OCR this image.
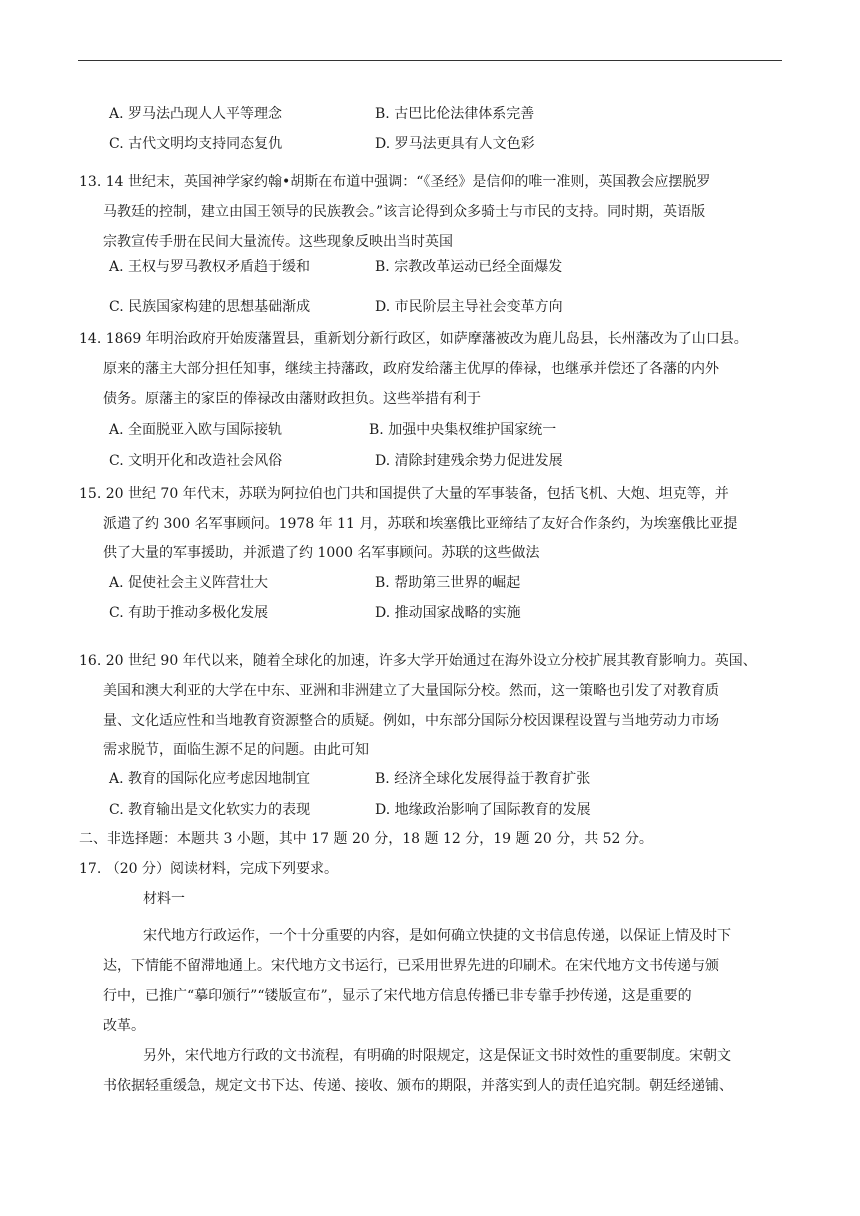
A. 罗马法凸现人人平等理念	B. 古巴比伦法律体系完善
C. 古代文明均支持同态复仇	D. 罗马法更具有人文色彩
13. 14 世纪末，英国神学家约翰•胡斯在布道中强调：“《圣经》是信仰的唯一准则，英国教会应摆脱罗
马教廷的控制，建立由国王领导的民族教会。”该言论得到众多骑士与市民的支持。同时期，英语版
宗教宣传手册在民间大量流传。这些现象反映出当时英国
A. 王权与罗马教权矛盾趋于缓和	B. 宗教改革运动已经全面爆发
C. 民族国家构建的思想基础渐成	D. 市民阶层主导社会变革方向
14. 1869 年明治政府开始废藩置县，重新划分新行政区，如萨摩藩被改为鹿儿岛县，长州藩改为了山口县。
原来的藩主大部分担任知事，继续主持藩政，政府发给藩主优厚的俸禄，也继承并偿还了各藩的内外
债务。原藩主的家臣的俸禄改由藩财政担负。这些举措有利于
A. 全面脱亚入欧与国际接轨	B. 加强中央集权维护国家统一
C. 文明开化和改造社会风俗	D. 清除封建残余势力促进发展
15. 20 世纪 70 年代末，苏联为阿拉伯也门共和国提供了大量的军事装备，包括飞机、大炮、坦克等，并
派遣了约 300 名军事顾问。1978 年 11 月，苏联和埃塞俄比亚缔结了友好合作条约，为埃塞俄比亚提
供了大量的军事援助，并派遣了约 1000 名军事顾问。苏联的这些做法
A. 促使社会主义阵营壮大	B. 帮助第三世界的崛起
C. 有助于推动多极化发展	D. 推动国家战略的实施
16. 20 世纪 90 年代以来，随着全球化的加速，许多大学开始通过在海外设立分校扩展其教育影响力。英国、
美国和澳大利亚的大学在中东、亚洲和非洲建立了大量国际分校。然而，这一策略也引发了对教育质
量、文化适应性和当地教育资源整合的质疑。例如，中东部分国际分校因课程设置与当地劳动力市场
需求脱节，面临生源不足的问题。由此可知
A. 教育的国际化应考虑因地制宜	B. 经济全球化发展得益于教育扩张
C. 教育输出是文化软实力的表现	D. 地缘政治影响了国际教育的发展
二、非选择题：本题共 3 小题，其中 17 题 20 分，18 题 12 分，19 题 20 分，共 52 分。
17. （20 分）阅读材料，完成下列要求。
材料一
宋代地方行政运作，一个十分重要的内容，是如何确立快捷的文书信息传递，以保证上情及时下
达，下情能不留滞地通上。宋代地方文书运行，已采用世界先进的印刷术。在宋代地方文书传递与颁
行中，已推广“摹印颁行”“镂版宣布”，显示了宋代地方信息传播已非专靠手抄传递，这是重要的
改革。
另外，宋代地方行政的文书流程，有明确的时限规定，这是保证文书时效性的重要制度。宋朝文
书依据轻重缓急，规定文书下达、传递、接收、颁布的期限，并落实到人的责任追究制。朝廷经递铺、
